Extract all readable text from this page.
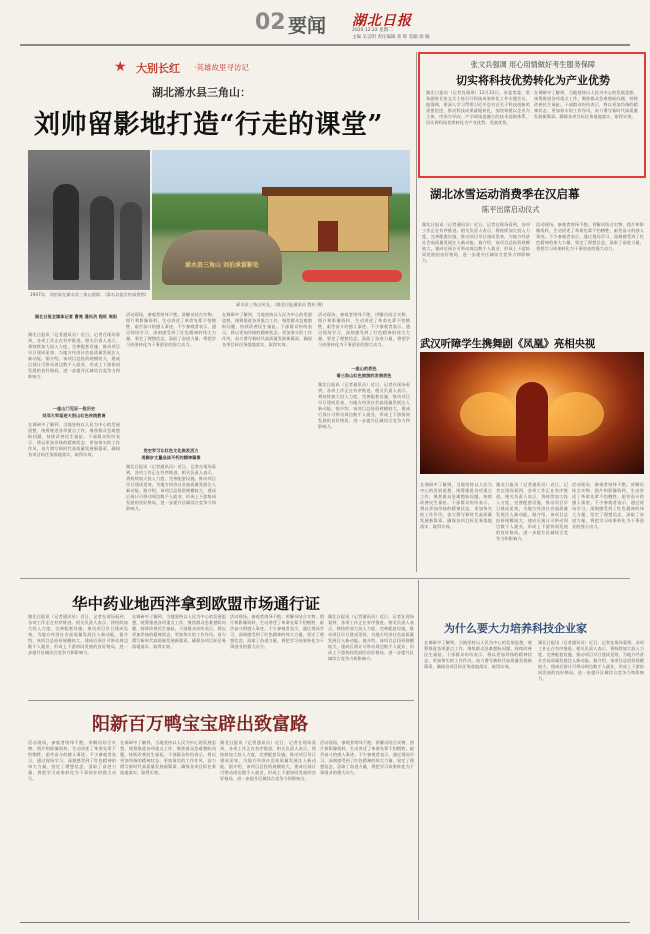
02 要闻 湖北日报
2020.12.22 星期二
主编 吴志明 责任编辑 邓 辉 美编 徐 雁
★ 大别长红 ·英雄故里寻访记
湖北浠水县三角山：
刘帅留影地打造“行走的课堂”
浠水县三角山 刘伯承留影处
1947年，刘伯承在浠水县三角山留影。（浠水县委宣传部供图）
浠水县三角山风光。（湖北日报通讯员 程旺 摄）
湖北日报全媒体记者 曹亮 通讯员 程旺 周阳
湖北日报讯（记者通讯员）近日，记者在现场看到，各项工作正在有序推进。相关负责人表示，将持续加大投入力度，完善配套设施，推动项目早日建成见效，为地方经济社会高质量发展注入新动能。据介绍，该项目总投资规模较大，建成后预计可带动周边数千人就业，形成上下游协同发展的良好格局，进一步提升区域综合竞争力和影响力。
一座山门见证一段历史
刘邓大军留迹大别山红色传统教育
在调研中了解到，当地坚持以人民为中心的发展思想，统筹推进各项重点工作，聚焦群众急难愁盼问题，持续改善民生福祉。干部群众纷纷表示，将以更加昂扬的精神状态、更加务实的工作作风，奋力谱写新时代高质量发展新篇章，确保各项目标任务落地落实、取得实效。
活动现场，参观者络绎不绝。讲解员结合实物、图片和影像资料，生动讲述了革命先辈不怕牺牲、艰苦奋斗的感人事迹。不少参观者表示，通过现场学习，深刻感受到了红色精神的伟大力量，坚定了理想信念，汲取了奋进力量，将把学习成果转化为干事创业的强大动力。
党史学习让红色文化焕发活力
用脚步丈量品读不朽的精神篇章
湖北日报讯（记者通讯员）近日，记者在现场看到，各项工作正在有序推进。相关负责人表示，将持续加大投入力度，完善配套设施，推动项目早日建成见效，为地方经济社会高质量发展注入新动能。据介绍，该项目总投资规模较大，建成后预计可带动周边数千人就业，形成上下游协同发展的良好格局，进一步提升区域综合竞争力和影响力。
在调研中了解到，当地坚持以人民为中心的发展思想，统筹推进各项重点工作，聚焦群众急难愁盼问题，持续改善民生福祉。干部群众纷纷表示，将以更加昂扬的精神状态、更加务实的工作作风，奋力谱写新时代高质量发展新篇章，确保各项目标任务落地落实、取得实效。
活动现场，参观者络绎不绝。讲解员结合实物、图片和影像资料，生动讲述了革命先辈不怕牺牲、艰苦奋斗的感人事迹。不少参观者表示，通过现场学习，深刻感受到了红色精神的伟大力量，坚定了理想信念，汲取了奋进力量，将把学习成果转化为干事创业的强大动力。
一座山的底色
看三角山红色旅游的发展底色
湖北日报讯（记者通讯员）近日，记者在现场看到，各项工作正在有序推进。相关负责人表示，将持续加大投入力度，完善配套设施，推动项目早日建成见效，为地方经济社会高质量发展注入新动能。据介绍，该项目总投资规模较大，建成后预计可带动周边数千人就业，形成上下游协同发展的良好格局，进一步提升区域综合竞争力和影响力。
张文兵强调 用心用情做好考生服务保障
切实将科技优势转化为产业优势
湖北日报讯（记者肖丽琼）12月21日，省委常委、常务副省长张文兵主持召开科技成果转化工作专题会议。他强调，要深入学习贯彻习近平总书记关于科技创新的重要论述，推动科技成果就地转化，加快构建以企业为主体、市场为导向、产学研深度融合的技术创新体系，切实将科技优势转化为产业优势、发展优势。
在调研中了解到，当地坚持以人民为中心的发展思想，统筹推进各项重点工作，聚焦群众急难愁盼问题，持续改善民生福祉。干部群众纷纷表示，将以更加昂扬的精神状态、更加务实的工作作风，奋力谱写新时代高质量发展新篇章，确保各项目标任务落地落实、取得实效。
湖北冰雪运动消费季在汉启幕
陈平出席启动仪式
湖北日报讯（记者通讯员）近日，记者在现场看到，各项工作正在有序推进。相关负责人表示，将持续加大投入力度，完善配套设施，推动项目早日建成见效，为地方经济社会高质量发展注入新动能。据介绍，该项目总投资规模较大，建成后预计可带动周边数千人就业，形成上下游协同发展的良好格局，进一步提升区域综合竞争力和影响力。
活动现场，参观者络绎不绝。讲解员结合实物、图片和影像资料，生动讲述了革命先辈不怕牺牲、艰苦奋斗的感人事迹。不少参观者表示，通过现场学习，深刻感受到了红色精神的伟大力量，坚定了理想信念，汲取了奋进力量，将把学习成果转化为干事创业的强大动力。
武汉听障学生携舞剧《凤凰》亮相央视
在调研中了解到，当地坚持以人民为中心的发展思想，统筹推进各项重点工作，聚焦群众急难愁盼问题，持续改善民生福祉。干部群众纷纷表示，将以更加昂扬的精神状态、更加务实的工作作风，奋力谱写新时代高质量发展新篇章，确保各项目标任务落地落实、取得实效。
湖北日报讯（记者通讯员）近日，记者在现场看到，各项工作正在有序推进。相关负责人表示，将持续加大投入力度，完善配套设施，推动项目早日建成见效，为地方经济社会高质量发展注入新动能。据介绍，该项目总投资规模较大，建成后预计可带动周边数千人就业，形成上下游协同发展的良好格局，进一步提升区域综合竞争力和影响力。
活动现场，参观者络绎不绝。讲解员结合实物、图片和影像资料，生动讲述了革命先辈不怕牺牲、艰苦奋斗的感人事迹。不少参观者表示，通过现场学习，深刻感受到了红色精神的伟大力量，坚定了理想信念，汲取了奋进力量，将把学习成果转化为干事创业的强大动力。
华中药业地西泮拿到欧盟市场通行证
湖北日报讯（记者通讯员）近日，记者在现场看到，各项工作正在有序推进。相关负责人表示，将持续加大投入力度，完善配套设施，推动项目早日建成见效，为地方经济社会高质量发展注入新动能。据介绍，该项目总投资规模较大，建成后预计可带动周边数千人就业，形成上下游协同发展的良好格局，进一步提升区域综合竞争力和影响力。
在调研中了解到，当地坚持以人民为中心的发展思想，统筹推进各项重点工作，聚焦群众急难愁盼问题，持续改善民生福祉。干部群众纷纷表示，将以更加昂扬的精神状态、更加务实的工作作风，奋力谱写新时代高质量发展新篇章，确保各项目标任务落地落实、取得实效。
活动现场，参观者络绎不绝。讲解员结合实物、图片和影像资料，生动讲述了革命先辈不怕牺牲、艰苦奋斗的感人事迹。不少参观者表示，通过现场学习，深刻感受到了红色精神的伟大力量，坚定了理想信念，汲取了奋进力量，将把学习成果转化为干事创业的强大动力。
湖北日报讯（记者通讯员）近日，记者在现场看到，各项工作正在有序推进。相关负责人表示，将持续加大投入力度，完善配套设施，推动项目早日建成见效，为地方经济社会高质量发展注入新动能。据介绍，该项目总投资规模较大，建成后预计可带动周边数千人就业，形成上下游协同发展的良好格局，进一步提升区域综合竞争力和影响力。
阳新百万鸭宝宝辟出致富路
活动现场，参观者络绎不绝。讲解员结合实物、图片和影像资料，生动讲述了革命先辈不怕牺牲、艰苦奋斗的感人事迹。不少参观者表示，通过现场学习，深刻感受到了红色精神的伟大力量，坚定了理想信念，汲取了奋进力量，将把学习成果转化为干事创业的强大动力。
在调研中了解到，当地坚持以人民为中心的发展思想，统筹推进各项重点工作，聚焦群众急难愁盼问题，持续改善民生福祉。干部群众纷纷表示，将以更加昂扬的精神状态、更加务实的工作作风，奋力谱写新时代高质量发展新篇章，确保各项目标任务落地落实、取得实效。
湖北日报讯（记者通讯员）近日，记者在现场看到，各项工作正在有序推进。相关负责人表示，将持续加大投入力度，完善配套设施，推动项目早日建成见效，为地方经济社会高质量发展注入新动能。据介绍，该项目总投资规模较大，建成后预计可带动周边数千人就业，形成上下游协同发展的良好格局，进一步提升区域综合竞争力和影响力。
活动现场，参观者络绎不绝。讲解员结合实物、图片和影像资料，生动讲述了革命先辈不怕牺牲、艰苦奋斗的感人事迹。不少参观者表示，通过现场学习，深刻感受到了红色精神的伟大力量，坚定了理想信念，汲取了奋进力量，将把学习成果转化为干事创业的强大动力。
为什么要大力培养科技企业家
在调研中了解到，当地坚持以人民为中心的发展思想，统筹推进各项重点工作，聚焦群众急难愁盼问题，持续改善民生福祉。干部群众纷纷表示，将以更加昂扬的精神状态、更加务实的工作作风，奋力谱写新时代高质量发展新篇章，确保各项目标任务落地落实、取得实效。
湖北日报讯（记者通讯员）近日，记者在现场看到，各项工作正在有序推进。相关负责人表示，将持续加大投入力度，完善配套设施，推动项目早日建成见效，为地方经济社会高质量发展注入新动能。据介绍，该项目总投资规模较大，建成后预计可带动周边数千人就业，形成上下游协同发展的良好格局，进一步提升区域综合竞争力和影响力。
